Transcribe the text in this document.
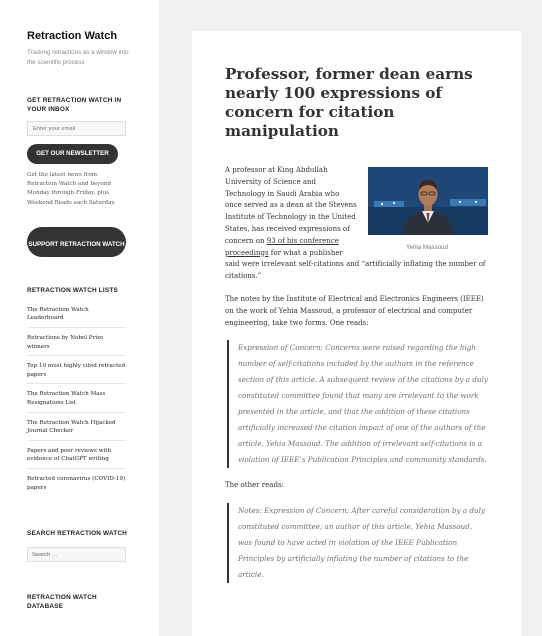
Retraction Watch
Tracking retractions as a window into the scientific process
GET RETRACTION WATCH IN YOUR INBOX
Enter your email
GET OUR NEWSLETTER
Get the latest news from Retraction Watch and beyond Monday through Friday, plus Weekend Reads each Saturday.
SUPPORT RETRACTION WATCH
RETRACTION WATCH LISTS
The Retraction Watch Leaderboard
Retractions by Nobel Prize winners
Top 10 most highly cited retracted papers
The Retraction Watch Mass Resignations List
The Retraction Watch Hijacked Journal Checker
Papers and peer reviews with evidence of ChatGPT writing
Retracted coronavirus (COVID-19) papers
SEARCH RETRACTION WATCH
Search …
RETRACTION WATCH DATABASE
Professor, former dean earns nearly 100 expressions of concern for citation manipulation
Yehia Massoud

A professor at King Abdullah University of Science and Technology in Saudi Arabia who once served as a dean at the Stevens Institute of Technology in the United States, has received expressions of concern on 93 of his conference proceedings for what a publisher said were irrelevant self-citations and “artificially inflating the number of citations.”

The notes by the Institute of Electrical and Electronics Engineers (IEEE) on the work of Yehia Massoud, a professor of electrical and computer engineering, take two forms. One reads:

Expression of Concern: Concerns were raised regarding the high number of self-citations included by the authors in the reference section of this article. A subsequent review of the citations by a duly constituted committee found that many are irrelevant to the work presented in the article, and that the addition of these citations artificially increased the citation impact of one of the authors of the article, Yehia Massoud. The addition of irrelevant self-citations is a violation of IEEE’s Publication Principles and community standards.

The other reads:

Notes: Expression of Concern: After careful consideration by a duly constituted committee, an author of this article, Yehia Massoud, was found to have acted in violation of the IEEE Publication Principles by artificially inflating the number of citations to the article.
